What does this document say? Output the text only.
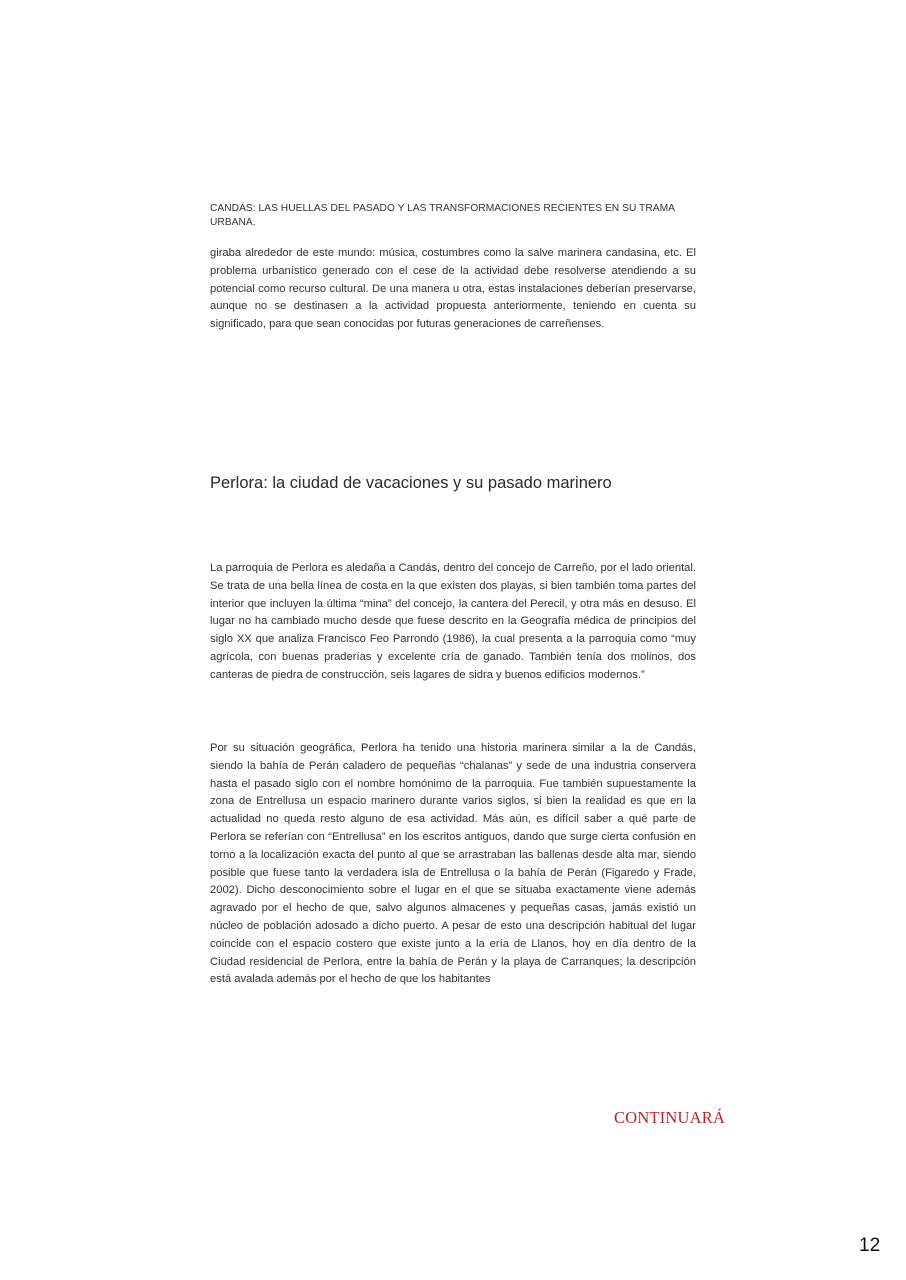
CANDÁS: LAS HUELLAS DEL PASADO Y LAS TRANSFORMACIONES RECIENTES EN SU TRAMA URBANA.

giraba alrededor de este mundo: música, costumbres como la salve marinera candasina, etc. El problema urbanístico generado con el cese de la actividad debe resolverse atendiendo a su potencial como recurso cultural. De una manera u otra, estas instalaciones deberían preservarse, aunque no se destinasen a la actividad propuesta anteriormente, teniendo en cuenta su significado, para que sean conocidas por futuras generaciones de carreñenses.

Perlora: la ciudad de vacaciones y su pasado marinero

La parroquia de Perlora es aledaña a Candás, dentro del concejo de Carreño, por el lado oriental. Se trata de una bella línea de costa en la que existen dos playas, si bien también toma partes del interior que incluyen la última “mina” del concejo, la cantera del Perecil, y otra más en desuso. El lugar no ha cambiado mucho desde que fuese descrito en la Geografía médica de principios del siglo XX que analiza Francisco Feo Parrondo (1986), la cual presenta a la parroquia como “muy agrícola, con buenas praderías y excelente cría de ganado. También tenía dos molinos, dos canteras de piedra de construcción, seis lagares de sidra y buenos edificios modernos.”

Por su situación geográfica, Perlora ha tenido una historia marinera similar a la de Candás, siendo la bahía de Perán caladero de pequeñas “chalanas” y sede de una industria conservera hasta el pasado siglo con el nombre homónimo de la parroquia. Fue también supuestamente la zona de Entrellusa un espacio marinero durante varios siglos, si bien la realidad es que en la actualidad no queda resto alguno de esa actividad. Más aún, es difícil saber a qué parte de Perlora se referían con “Entrellusa” en los escritos antiguos, dando que surge cierta confusión en torno a la localización exacta del punto al que se arrastraban las ballenas desde alta mar, siendo posible que fuese tanto la verdadera isla de Entrellusa o la bahía de Perán (Figaredo y Frade, 2002). Dicho desconocimiento sobre el lugar en el que se situaba exactamente viene además agravado por el hecho de que, salvo algunos almacenes y pequeñas casas, jamás existió un núcleo de población adosado a dicho puerto. A pesar de esto una descripción habitual del lugar coincide con el espacio costero que existe junto a la ería de Llanos, hoy en día dentro de la Ciudad residencial de Perlora, entre la bahía de Perán y la playa de Carranques; la descripción está avalada además por el hecho de que los habitantes

CONTINUARÁ
12
